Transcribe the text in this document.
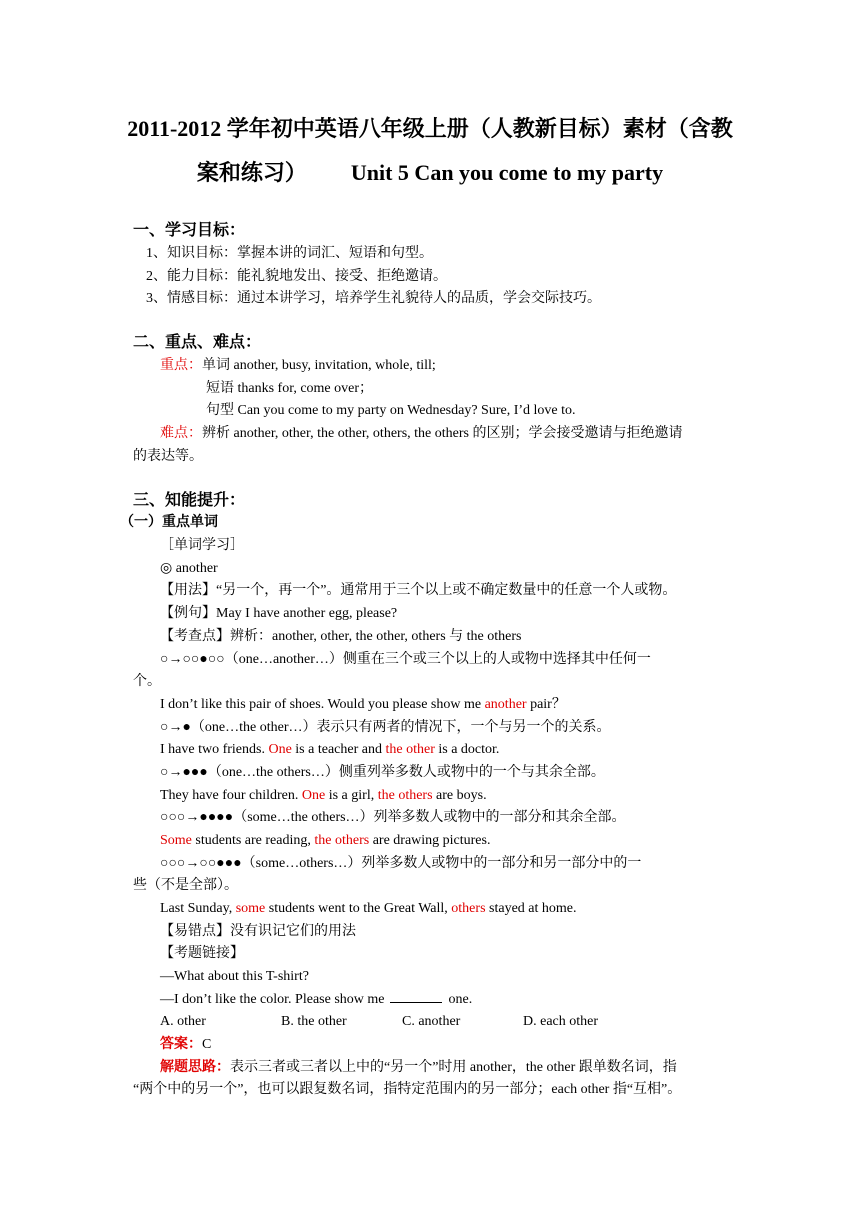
2011-2012 学年初中英语八年级上册（人教新目标）素材（含教
案和练习） Unit 5 Can you come to my party
一、学习目标：
1、知识目标：掌握本讲的词汇、短语和句型。
2、能力目标：能礼貌地发出、接受、拒绝邀请。
3、情感目标：通过本讲学习，培养学生礼貌待人的品质，学会交际技巧。
二、重点、难点：
重点：单词 another, busy, invitation, whole, till;
短语 thanks for, come over；
句型 Can you come to my party on Wednesday? Sure, I’d love to.
难点：辨析 another, other, the other, others, the others 的区别；学会接受邀请与拒绝邀请
的表达等。
三、知能提升：
（一）重点单词
［单词学习］
◎ another
【用法】“另一个，再一个”。通常用于三个以上或不确定数量中的任意一个人或物。
【例句】May I have another egg, please?
【考查点】辨析：another, other, the other, others 与 the others
○→○○●○○（one…another…）侧重在三个或三个以上的人或物中选择其中任何一
个。
I don’t like this pair of shoes. Would you please show me another pair？
○→●（one…the other…）表示只有两者的情况下，一个与另一个的关系。
I have two friends. One is a teacher and the other is a doctor.
○→●●●（one…the others…）侧重列举多数人或物中的一个与其余全部。
They have four children. One is a girl, the others are boys.
○○○→●●●●（some…the others…）列举多数人或物中的一部分和其余全部。
Some students are reading, the others are drawing pictures.
○○○→○○●●●（some…others…）列举多数人或物中的一部分和另一部分中的一
些（不是全部）。
Last Sunday, some students went to the Great Wall, others stayed at home.
【易错点】没有识记它们的用法
【考题链接】
—What about this T-shirt?
—I don’t like the color. Please show me	one.
A. other	B. the other	C. another	D. each other
答案：C
解题思路：表示三者或三者以上中的“另一个”时用 another，the other 跟单数名词，指
“两个中的另一个”，也可以跟复数名词，指特定范围内的另一部分；each other 指“互相”。
